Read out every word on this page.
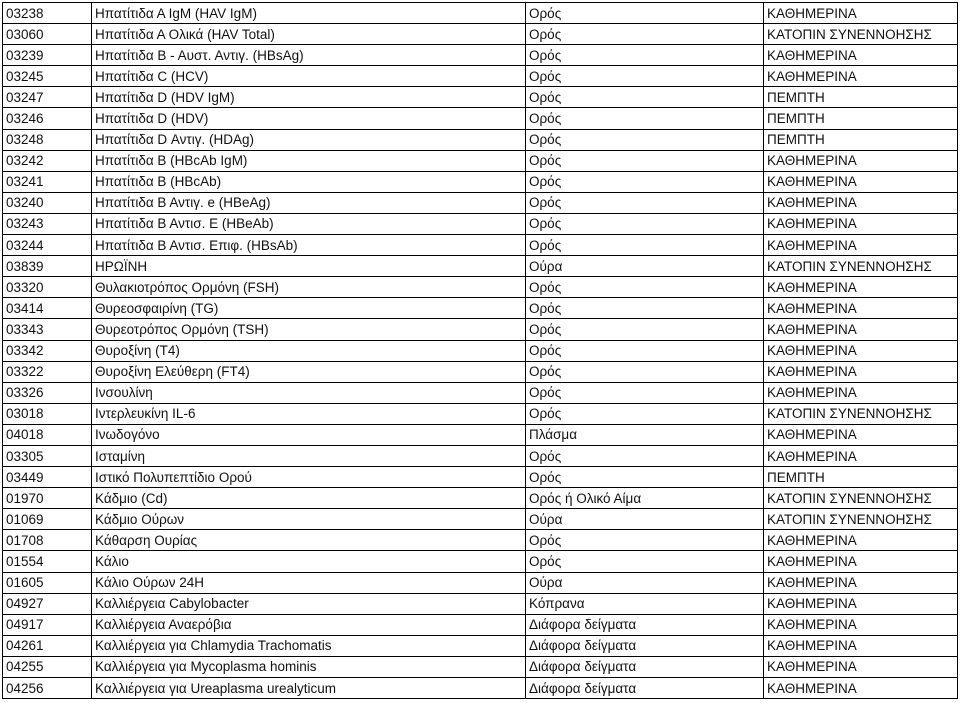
03238	Ηπατίτιδα Α IgM (HAV IgM)	Ορός	ΚΑΘΗΜΕΡΙΝΑ
03060	Ηπατίτιδα Α Ολικά (HAV Total)	Ορός	ΚΑΤΟΠΙΝ ΣΥΝΕΝΝΟΗΣΗΣ
03239	Ηπατίτιδα Β - Αυστ. Αντιγ. (HBsAg)	Ορός	ΚΑΘΗΜΕΡΙΝΑ
03245	Ηπατίτιδα C (HCV)	Ορός	ΚΑΘΗΜΕΡΙΝΑ
03247	Ηπατίτιδα D (HDV IgM)	Ορός	ΠΕΜΠΤΗ
03246	Ηπατίτιδα D (HDV)	Ορός	ΠΕΜΠΤΗ
03248	Ηπατίτιδα D Αντιγ. (HDAg)	Ορός	ΠΕΜΠΤΗ
03242	Ηπατίτιδα Β (HBcAb IgM)	Ορός	ΚΑΘΗΜΕΡΙΝΑ
03241	Ηπατίτιδα Β (HBcAb)	Ορός	ΚΑΘΗΜΕΡΙΝΑ
03240	Ηπατίτιδα Β Αντιγ. e (HBeAg)	Ορός	ΚΑΘΗΜΕΡΙΝΑ
03243	Ηπατίτιδα Β Αντισ. Ε (HBeAb)	Ορός	ΚΑΘΗΜΕΡΙΝΑ
03244	Ηπατίτιδα Β Αντισ. Επιφ. (HBsAb)	Ορός	ΚΑΘΗΜΕΡΙΝΑ
03839	ΗΡΩΪΝΗ	Ούρα	ΚΑΤΟΠΙΝ ΣΥΝΕΝΝΟΗΣΗΣ
03320	Θυλακιοτρόπος Ορμόνη (FSH)	Ορός	ΚΑΘΗΜΕΡΙΝΑ
03414	Θυρεοσφαιρίνη (TG)	Ορός	ΚΑΘΗΜΕΡΙΝΑ
03343	Θυρεοτρόπος Ορμόνη (TSH)	Ορός	ΚΑΘΗΜΕΡΙΝΑ
03342	Θυροξίνη (T4)	Ορός	ΚΑΘΗΜΕΡΙΝΑ
03322	Θυροξίνη Ελεύθερη (FT4)	Ορός	ΚΑΘΗΜΕΡΙΝΑ
03326	Ινσουλίνη	Ορός	ΚΑΘΗΜΕΡΙΝΑ
03018	Ιντερλευκίνη IL-6	Ορός	ΚΑΤΟΠΙΝ ΣΥΝΕΝΝΟΗΣΗΣ
04018	Ινωδογόνο	Πλάσμα	ΚΑΘΗΜΕΡΙΝΑ
03305	Ισταμίνη	Ορός	ΚΑΘΗΜΕΡΙΝΑ
03449	Ιστικό Πολυπεπτίδιο Ορού	Ορός	ΠΕΜΠΤΗ
01970	Κάδμιο (Cd)	Ορός ή Ολικό Αίμα	ΚΑΤΟΠΙΝ ΣΥΝΕΝΝΟΗΣΗΣ
01069	Κάδμιο Ούρων	Ούρα	ΚΑΤΟΠΙΝ ΣΥΝΕΝΝΟΗΣΗΣ
01708	Κάθαρση Ουρίας	Ορός	ΚΑΘΗΜΕΡΙΝΑ
01554	Κάλιο	Ορός	ΚΑΘΗΜΕΡΙΝΑ
01605	Κάλιο Ούρων 24Η	Ούρα	ΚΑΘΗΜΕΡΙΝΑ
04927	Καλλιέργεια Cabylobacter	Κόπρανα	ΚΑΘΗΜΕΡΙΝΑ
04917	Καλλιέργεια Αναερόβια	Διάφορα δείγματα	ΚΑΘΗΜΕΡΙΝΑ
04261	Καλλιέργεια για Chlamydia Trachomatis	Διάφορα δείγματα	ΚΑΘΗΜΕΡΙΝΑ
04255	Καλλιέργεια για Mycoplasma hominis	Διάφορα δείγματα	ΚΑΘΗΜΕΡΙΝΑ
04256	Καλλιέργεια για Ureaplasma urealyticum	Διάφορα δείγματα	ΚΑΘΗΜΕΡΙΝΑ
